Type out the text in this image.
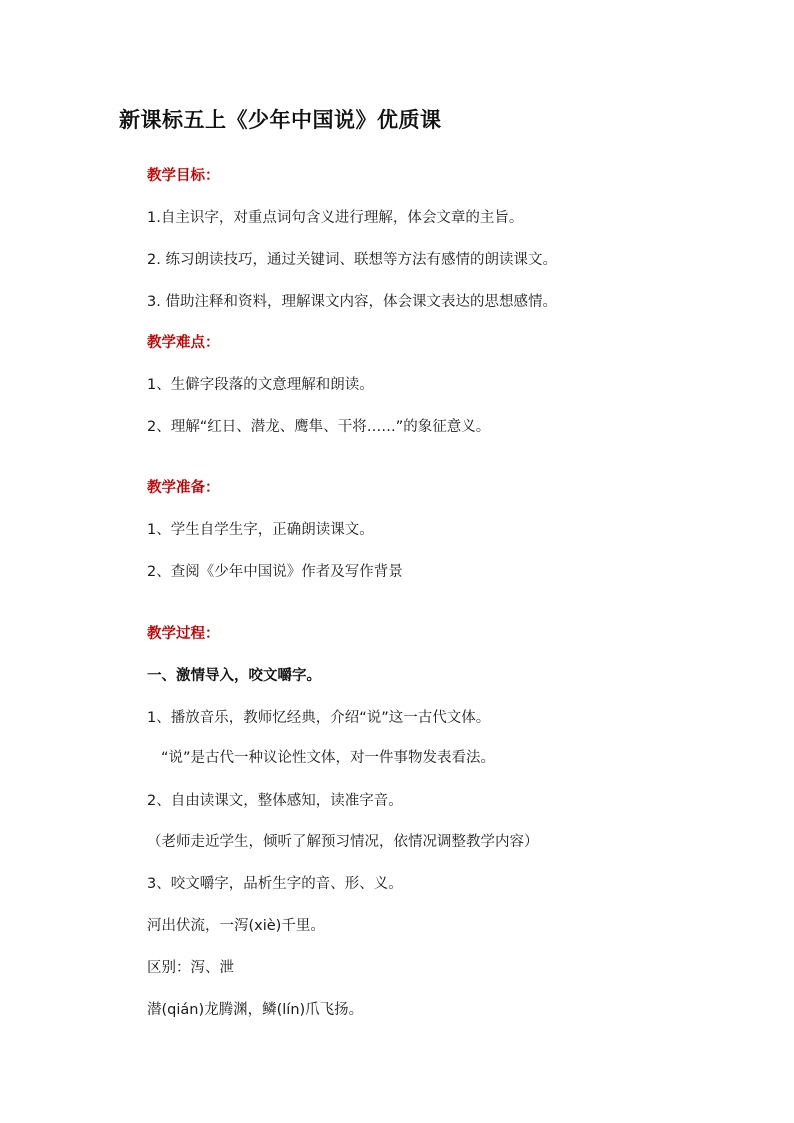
新课标五上《少年中国说》优质课
教学目标：
1.自主识字，对重点词句含义进行理解，体会文章的主旨。
2. 练习朗读技巧，通过关键词、联想等方法有感情的朗读课文。
3. 借助注释和资料，理解课文内容，体会课文表达的思想感情。
教学难点：
1、生僻字段落的文意理解和朗读。
2、理解“红日、潜龙、鹰隼、干将……”的象征意义。
教学准备：
1、学生自学生字，正确朗读课文。
2、查阅《少年中国说》作者及写作背景
教学过程：
一、激情导入，咬文嚼字。
1、播放音乐，教师忆经典，介绍“说”这一古代文体。
“说”是古代一种议论性文体，对一件事物发表看法。
2、自由读课文，整体感知，读准字音。
（老师走近学生，倾听了解预习情况，依情况调整教学内容）
3、咬文嚼字，品析生字的音、形、义。
河出伏流，一泻(xiè)千里。
区别：泻、泄
潜(qián)龙腾渊，鳞(lín)爪飞扬。
